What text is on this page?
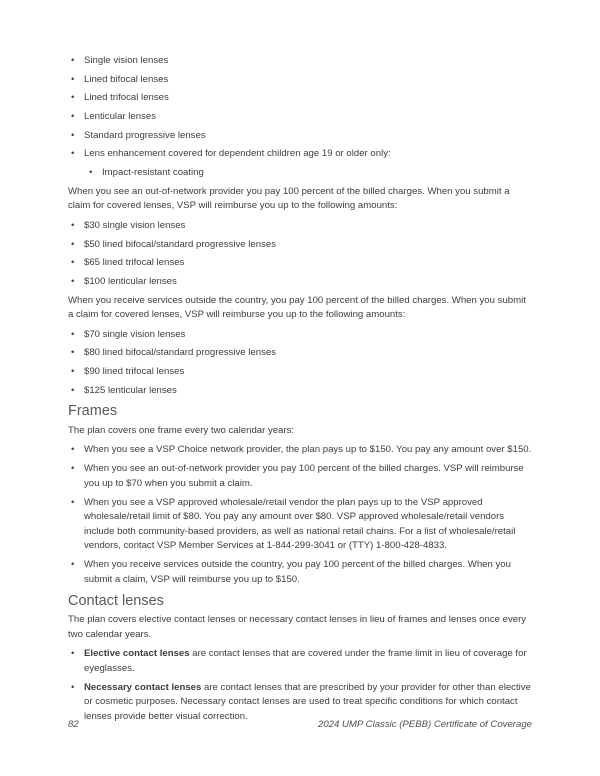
• Single vision lenses
• Lined bifocal lenses
• Lined trifocal lenses
• Lenticular lenses
• Standard progressive lenses
• Lens enhancement covered for dependent children age 19 or older only:
• Impact-resistant coating

When you see an out-of-network provider you pay 100 percent of the billed charges. When you submit a claim for covered lenses, VSP will reimburse you up to the following amounts:

• $30 single vision lenses
• $50 lined bifocal/standard progressive lenses
• $65 lined trifocal lenses
• $100 lenticular lenses

When you receive services outside the country, you pay 100 percent of the billed charges. When you submit a claim for covered lenses, VSP will reimburse you up to the following amounts:

• $70 single vision lenses
• $80 lined bifocal/standard progressive lenses
• $90 lined trifocal lenses
• $125 lenticular lenses
Frames

The plan covers one frame every two calendar years:

• When you see a VSP Choice network provider, the plan pays up to $150. You pay any amount over $150.
• When you see an out-of-network provider you pay 100 percent of the billed charges. VSP will reimburse you up to $70 when you submit a claim.
• When you see a VSP approved wholesale/retail vendor the plan pays up to the VSP approved wholesale/retail limit of $80. You pay any amount over $80. VSP approved wholesale/retail vendors include both community-based providers, as well as national retail chains. For a list of wholesale/retail vendors, contact VSP Member Services at 1-844-299-3041 or (TTY) 1-800-428-4833.
• When you receive services outside the country, you pay 100 percent of the billed charges. When you submit a claim, VSP will reimburse you up to $150.
Contact lenses

The plan covers elective contact lenses or necessary contact lenses in lieu of frames and lenses once every two calendar years.

• Elective contact lenses are contact lenses that are covered under the frame limit in lieu of coverage for eyeglasses.
• Necessary contact lenses are contact lenses that are prescribed by your provider for other than elective or cosmetic purposes. Necessary contact lenses are used to treat specific conditions for which contact lenses provide better visual correction.
82	2024 UMP Classic (PEBB) Certificate of Coverage
